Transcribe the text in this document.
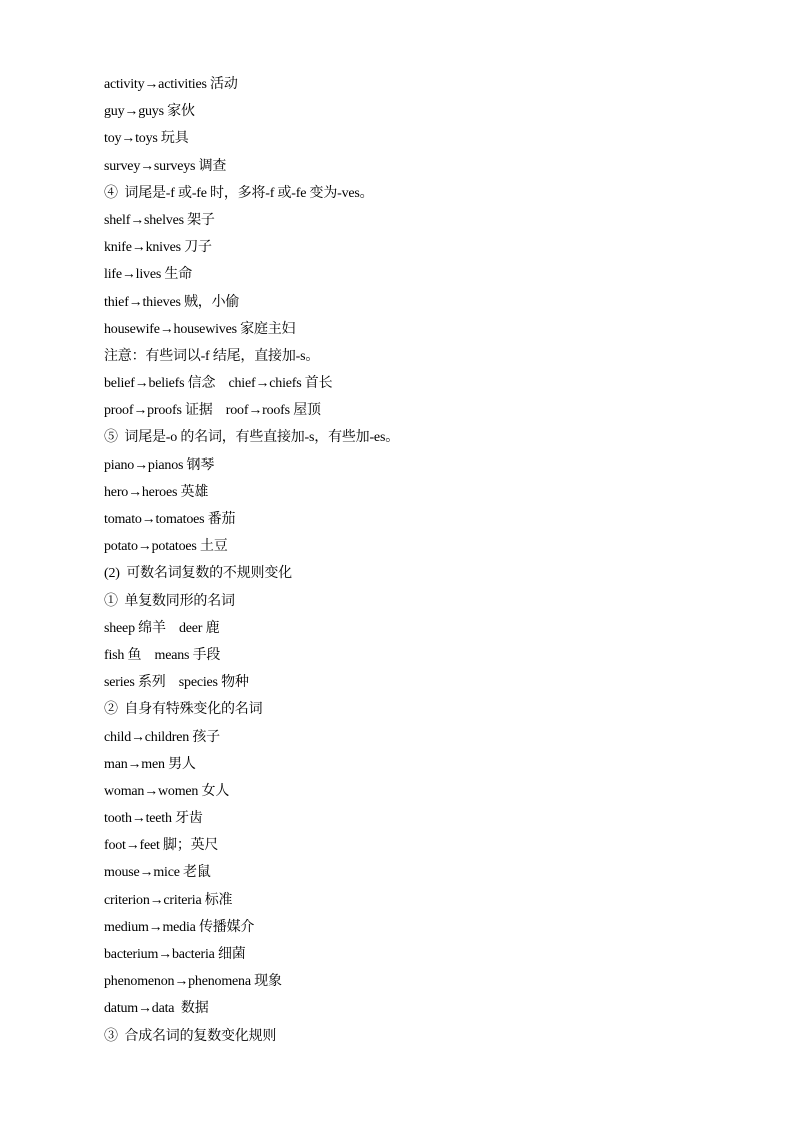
activity→activities 活动
guy→guys 家伙
toy→toys 玩具
survey→surveys 调查
④  词尾是-f 或-fe 时，多将-f 或-fe 变为-ves。
shelf→shelves 架子
knife→knives 刀子
life→lives 生命
thief→thieves 贼，小偷
housewife→housewives 家庭主妇
注意：有些词以-f 结尾，直接加-s。
belief→beliefs 信念    chief→chiefs 首长
proof→proofs 证据    roof→roofs 屋顶
⑤  词尾是-o 的名词，有些直接加-s，有些加-es。
piano→pianos 钢琴
hero→heroes 英雄
tomato→tomatoes 番茄
potato→potatoes 土豆
(2)  可数名词复数的不规则变化
①  单复数同形的名词
sheep 绵羊    deer 鹿
fish 鱼    means 手段
series 系列    species 物种
②  自身有特殊变化的名词
child→children 孩子
man→men 男人
woman→women 女人
tooth→teeth 牙齿
foot→feet 脚；英尺
mouse→mice 老鼠
criterion→criteria 标准
medium→media 传播媒介
bacterium→bacteria 细菌
phenomenon→phenomena 现象
datum→data  数据
③  合成名词的复数变化规则
